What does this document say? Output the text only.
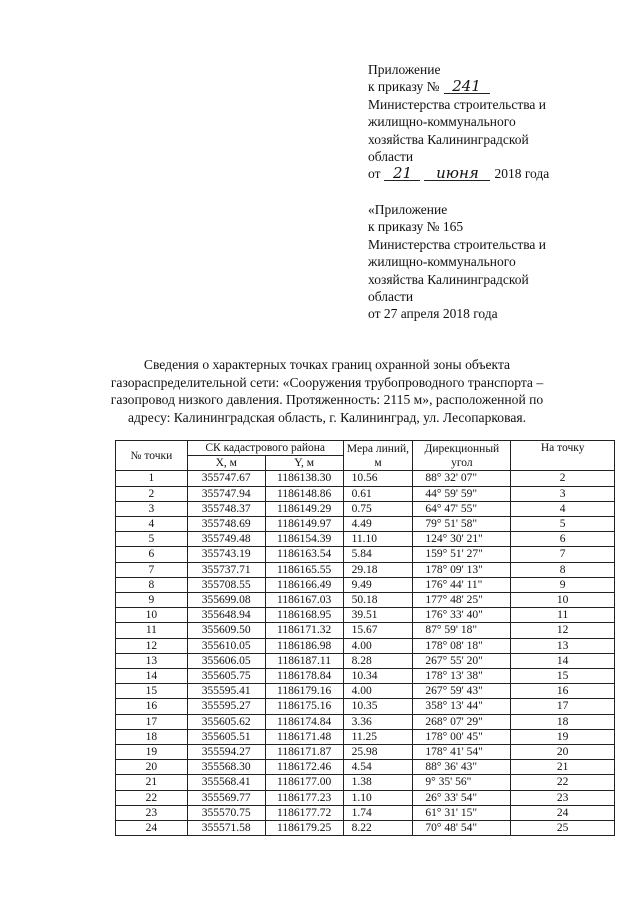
Приложение
к приказу № 241
Министерства строительства и
жилищно-коммунального
хозяйства Калининградской
области
от 21 июня 2018 года
«Приложение
к приказу № 165
Министерства строительства и
жилищно-коммунального
хозяйства Калининградской
области
от 27 апреля 2018 года
Сведения о характерных точках границ охранной зоны объекта
газораспределительной сети: «Сооружения трубопроводного транспорта –
газопровод низкого давления. Протяженность: 2115 м», расположенной по
адресу: Калининградская область, г. Калининград, ул. Лесопарковая.
№ точки	СК кадастрового района		Мера линий, м	Дирекционный угол	На точку
	X, м	Y, м			
1	355747.67	1186138.30	10.56	88° 32' 07"	2
2	355747.94	1186148.86	0.61	44° 59' 59"	3
3	355748.37	1186149.29	0.75	64° 47' 55"	4
4	355748.69	1186149.97	4.49	79° 51' 58"	5
5	355749.48	1186154.39	11.10	124° 30' 21"	6
6	355743.19	1186163.54	5.84	159° 51' 27"	7
7	355737.71	1186165.55	29.18	178° 09' 13"	8
8	355708.55	1186166.49	9.49	176° 44' 11"	9
9	355699.08	1186167.03	50.18	177° 48' 25"	10
10	355648.94	1186168.95	39.51	176° 33' 40"	11
11	355609.50	1186171.32	15.67	87° 59' 18"	12
12	355610.05	1186186.98	4.00	178° 08' 18"	13
13	355606.05	1186187.11	8.28	267° 55' 20"	14
14	355605.75	1186178.84	10.34	178° 13' 38"	15
15	355595.41	1186179.16	4.00	267° 59' 43"	16
16	355595.27	1186175.16	10.35	358° 13' 44"	17
17	355605.62	1186174.84	3.36	268° 07' 29"	18
18	355605.51	1186171.48	11.25	178° 00' 45"	19
19	355594.27	1186171.87	25.98	178° 41' 54"	20
20	355568.30	1186172.46	4.54	88° 36' 43"	21
21	355568.41	1186177.00	1.38	9° 35' 56"	22
22	355569.77	1186177.23	1.10	26° 33' 54"	23
23	355570.75	1186177.72	1.74	61° 31' 15"	24
24	355571.58	1186179.25	8.22	70° 48' 54"	25
